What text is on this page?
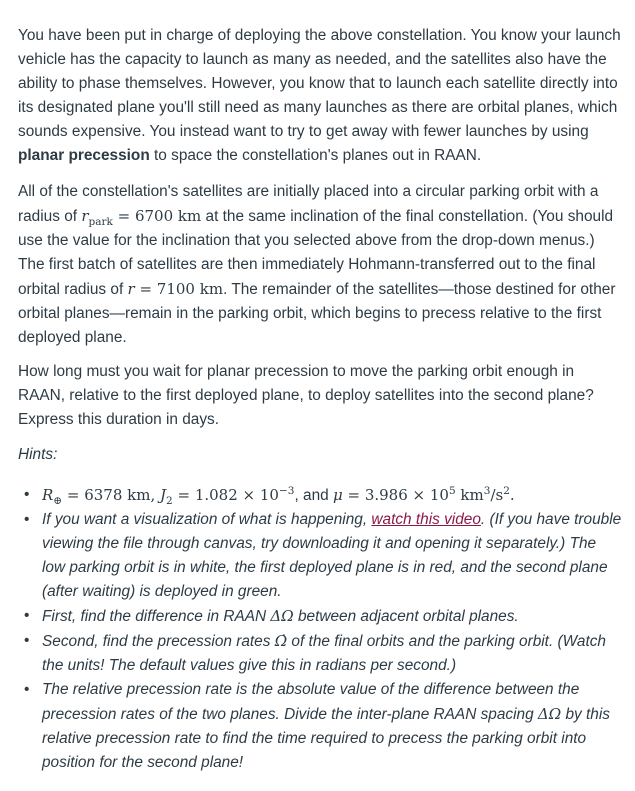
You have been put in charge of deploying the above constellation. You know your launch vehicle has the capacity to launch as many as needed, and the satellites also have the ability to phase themselves. However, you know that to launch each satellite directly into its designated plane you'll still need as many launches as there are orbital planes, which sounds expensive. You instead want to try to get away with fewer launches by using planar precession to space the constellation's planes out in RAAN.

All of the constellation's satellites are initially placed into a circular parking orbit with a radius of $r_{park} = 6700$ km at the same inclination of the final constellation. (You should use the value for the inclination that you selected above from the drop-down menus.) The first batch of satellites are then immediately Hohmann-transferred out to the final orbital radius of r = 7100 km. The remainder of the satellites—those destined for other orbital planes—remain in the parking orbit, which begins to precess relative to the first deployed plane.

How long must you wait for planar precession to move the parking orbit enough in RAAN, relative to the first deployed plane, to deploy satellites into the second plane? Express this duration in days.

Hints:

• $R_\oplus = 6378$ km, $J_2 = 1.082 \times 10^{-3}$, and $\mu = 3.986 \times 10^5$ $km^3/s^2$.
• If you want a visualization of what is happening, watch this video. (If you have trouble viewing the file through canvas, try downloading it and opening it separately.) The low parking orbit is in white, the first deployed plane is in red, and the second plane (after waiting) is deployed in green.
• First, find the difference in RAAN ΔΩ between adjacent orbital planes.
• Second, find the precession rates Ω̇ of the final orbits and the parking orbit. (Watch the units! The default values give this in radians per second.)
• The relative precession rate is the absolute value of the difference between the precession rates of the two planes. Divide the inter-plane RAAN spacing ΔΩ by this relative precession rate to find the time required to precess the parking orbit into position for the second plane!
